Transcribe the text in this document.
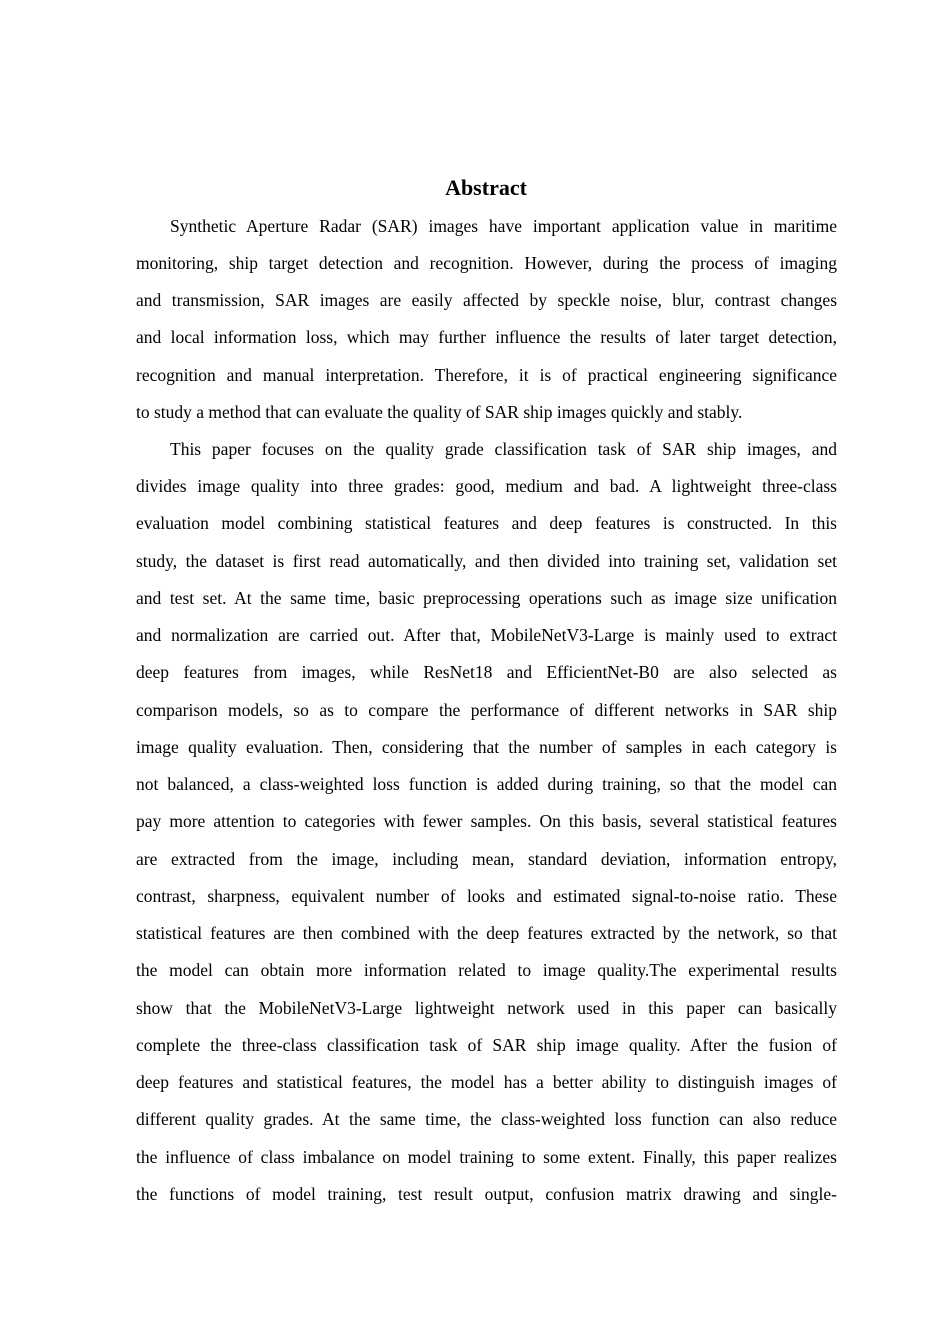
Abstract
Synthetic Aperture Radar (SAR) images have important application value in maritime
monitoring, ship target detection and recognition. However, during the process of imaging
and transmission, SAR images are easily affected by speckle noise, blur, contrast changes
and local information loss, which may further influence the results of later target detection,
recognition and manual interpretation. Therefore, it is of practical engineering significance
to study a method that can evaluate the quality of SAR ship images quickly and stably.
This paper focuses on the quality grade classification task of SAR ship images, and
divides image quality into three grades: good, medium and bad. A lightweight three-class
evaluation model combining statistical features and deep features is constructed. In this
study, the dataset is first read automatically, and then divided into training set, validation set
and test set. At the same time, basic preprocessing operations such as image size unification
and normalization are carried out. After that, MobileNetV3-Large is mainly used to extract
deep features from images, while ResNet18 and EfficientNet-B0 are also selected as
comparison models, so as to compare the performance of different networks in SAR ship
image quality evaluation. Then, considering that the number of samples in each category is
not balanced, a class-weighted loss function is added during training, so that the model can
pay more attention to categories with fewer samples. On this basis, several statistical features
are extracted from the image, including mean, standard deviation, information entropy,
contrast, sharpness, equivalent number of looks and estimated signal-to-noise ratio. These
statistical features are then combined with the deep features extracted by the network, so that
the model can obtain more information related to image quality.The experimental results
show that the MobileNetV3-Large lightweight network used in this paper can basically
complete the three-class classification task of SAR ship image quality. After the fusion of
deep features and statistical features, the model has a better ability to distinguish images of
different quality grades. At the same time, the class-weighted loss function can also reduce
the influence of class imbalance on model training to some extent. Finally, this paper realizes
the functions of model training, test result output, confusion matrix drawing and single-
